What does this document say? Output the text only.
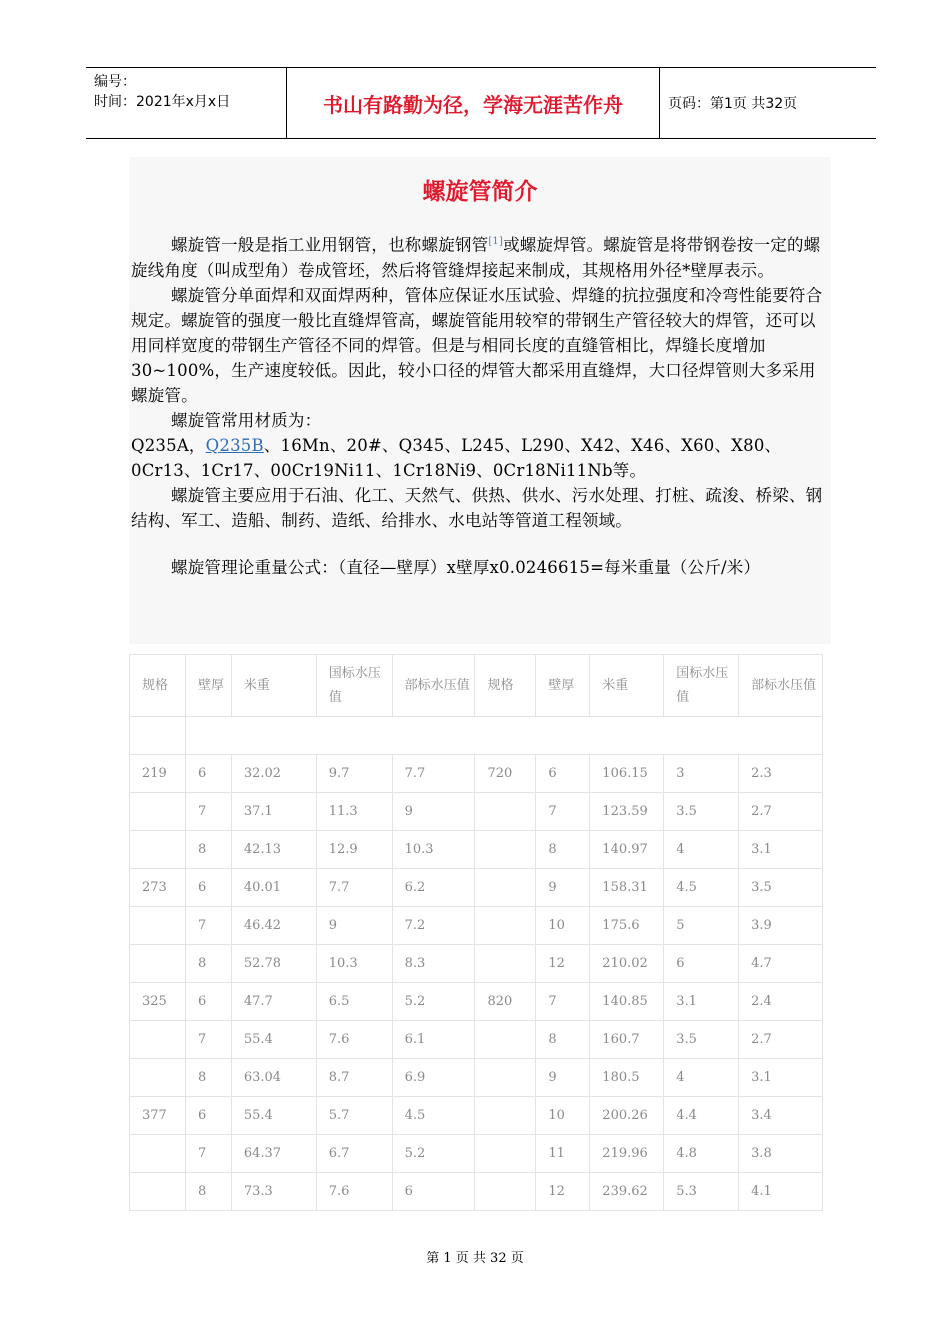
编号：
时间：2021年x月x日	书山有路勤为径，学海无涯苦作舟	页码：第1页 共32页
螺旋管简介

螺旋管一般是指工业用钢管，也称螺旋钢管[1]或螺旋焊管。螺旋管是将带钢卷按一定的螺旋线角度（叫成型角）卷成管坯，然后将管缝焊接起来制成，其规格用外径*壁厚表示。

螺旋管分单面焊和双面焊两种，管体应保证水压试验、焊缝的抗拉强度和冷弯性能要符合规定。螺旋管的强度一般比直缝焊管高，螺旋管能用较窄的带钢生产管径较大的焊管，还可以用同样宽度的带钢生产管径不同的焊管。但是与相同长度的直缝管相比，焊缝长度增加30~100%，生产速度较低。因此，较小口径的焊管大都采用直缝焊，大口径焊管则大多采用螺旋管。

螺旋管常用材质为：

Q235A，Q235B、16Mn、20#、Q345、L245、L290、X42、X46、X60、X80、0Cr13、1Cr17、00Cr19Ni11、1Cr18Ni9、0Cr18Ni11Nb等。

螺旋管主要应用于石油、化工、天然气、供热、供水、污水处理、打桩、疏浚、桥梁、钢结构、军工、造船、制药、造纸、给排水、水电站等管道工程领域。

螺旋管理论重量公式：（直径—壁厚）x壁厚x0.0246615=每米重量（公斤/米）

规格	壁厚	米重	国标水压值	部标水压值	规格	壁厚	米重	国标水压值	部标水压值

219	6	32.02	9.7	7.7	720	6	106.15	3	2.3
	7	37.1	11.3	9		7	123.59	3.5	2.7
	8	42.13	12.9	10.3		8	140.97	4	3.1
273	6	40.01	7.7	6.2		9	158.31	4.5	3.5
	7	46.42	9	7.2		10	175.6	5	3.9
	8	52.78	10.3	8.3		12	210.02	6	4.7
325	6	47.7	6.5	5.2	820	7	140.85	3.1	2.4
	7	55.4	7.6	6.1		8	160.7	3.5	2.7
	8	63.04	8.7	6.9		9	180.5	4	3.1
377	6	55.4	5.7	4.5		10	200.26	4.4	3.4
	7	64.37	6.7	5.2		11	219.96	4.8	3.8
	8	73.3	7.6	6		12	239.62	5.3	4.1
第 1 页 共 32 页
